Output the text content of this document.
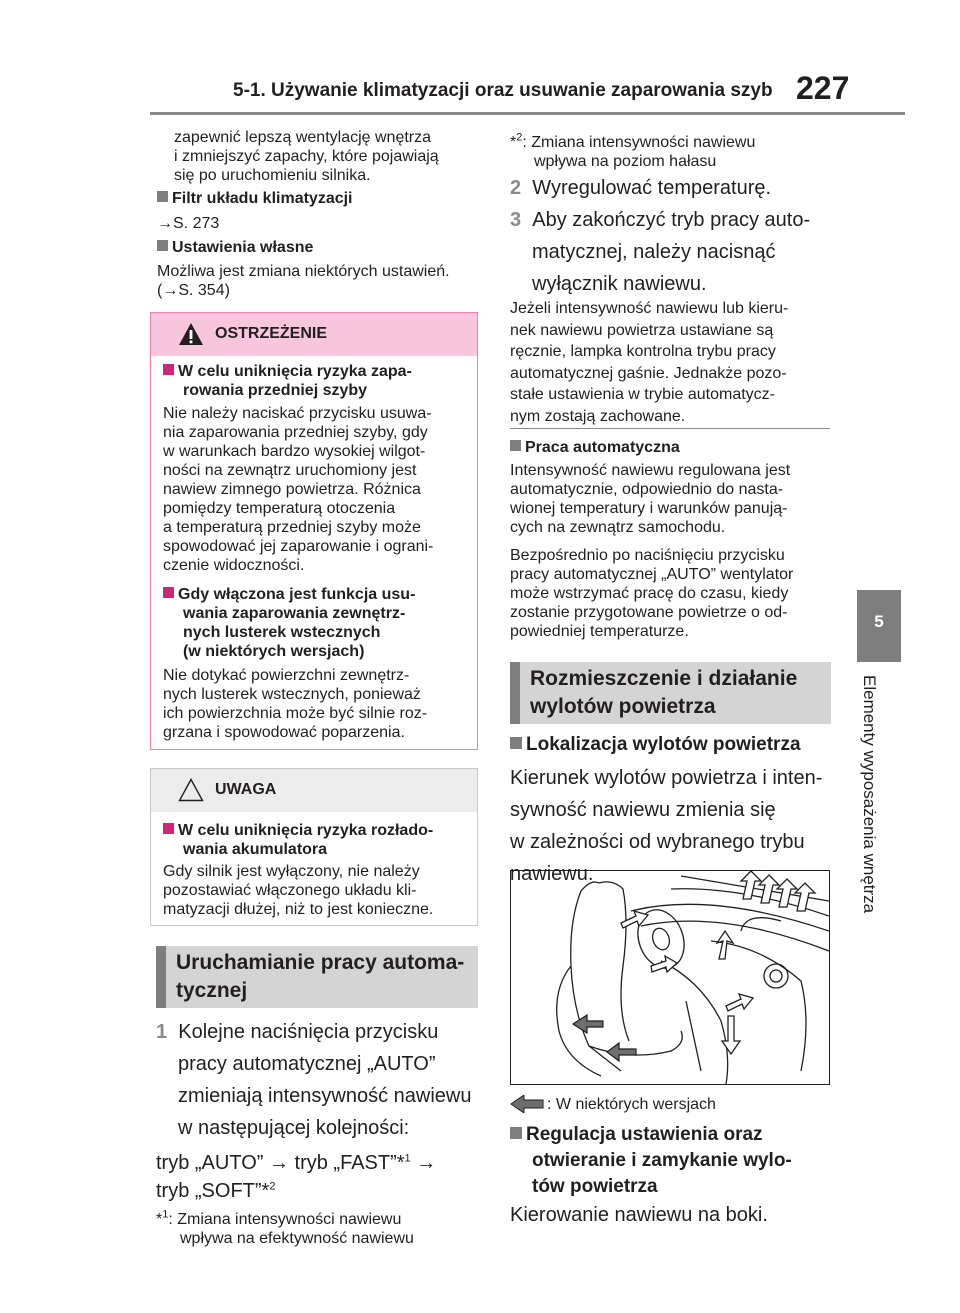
5-1. Używanie klimatyzacji oraz usuwanie zaparowania szyb 227
5
Elementy wyposażenia wnętrza
zapewnić lepszą wentylację wnętrza
i zmniejszyć zapachy, które pojawiają
się po uruchomieniu silnika.
Filtr układu klimatyzacji
→S. 273
Ustawienia własne
Możliwa jest zmiana niektórych ustawień.
(→S. 354)
OSTRZEŻENIE
W celu uniknięcia ryzyka zapa-
rowania przedniej szyby
Nie należy naciskać przycisku usuwa-
nia zaparowania przedniej szyby, gdy
w warunkach bardzo wysokiej wilgot-
ności na zewnątrz uruchomiony jest
nawiew zimnego powietrza. Różnica
pomiędzy temperaturą otoczenia
a temperaturą przedniej szyby może
spowodować jej zaparowanie i ograni-
czenie widoczności.
Gdy włączona jest funkcja usu-
wania zaparowania zewnętrz-
nych lusterek wstecznych
(w niektórych wersjach)
Nie dotykać powierzchni zewnętrz-
nych lusterek wstecznych, ponieważ
ich powierzchnia może być silnie roz-
grzana i spowodować poparzenia.
UWAGA
W celu uniknięcia ryzyka rozłado-
wania akumulatora
Gdy silnik jest wyłączony, nie należy
pozostawiać włączonego układu kli-
matyzacji dłużej, niż to jest konieczne.
Uruchamianie pracy automa-
tycznej
1 Kolejne naciśnięcia przycisku
pracy automatycznej „AUTO”
zmieniają intensywność nawiewu
w następującej kolejności:
tryb „AUTO” → tryb „FAST”*$^1$ →
tryb „SOFT”*$^2$
*$^1$: Zmiana intensywności nawiewu
wpływa na efektywność nawiewu
*$^2$: Zmiana intensywności nawiewu
wpływa na poziom hałasu
2 Wyregulować temperaturę.
3 Aby zakończyć tryb pracy auto-
matycznej, należy nacisnąć
wyłącznik nawiewu.
Jeżeli intensywność nawiewu lub kieru-
nek nawiewu powietrza ustawiane są
ręcznie, lampka kontrolna trybu pracy
automatycznej gaśnie. Jednakże pozo-
stałe ustawienia w trybie automatycz-
nym zostają zachowane.
Praca automatyczna
Intensywność nawiewu regulowana jest
automatycznie, odpowiednio do nasta-
wionej temperatury i warunków panują-
cych na zewnątrz samochodu.
Bezpośrednio po naciśnięciu przycisku
pracy automatycznej „AUTO” wentylator
może wstrzymać pracę do czasu, kiedy
zostanie przygotowane powietrze o od-
powiedniej temperaturze.
Rozmieszczenie i działanie
wylotów powietrza
Lokalizacja wylotów powietrza
Kierunek wylotów powietrza i inten-
sywność nawiewu zmienia się
w zależności od wybranego trybu
nawiewu.
: W niektórych wersjach
Regulacja ustawienia oraz
otwieranie i zamykanie wylo-
tów powietrza
Kierowanie nawiewu na boki.
